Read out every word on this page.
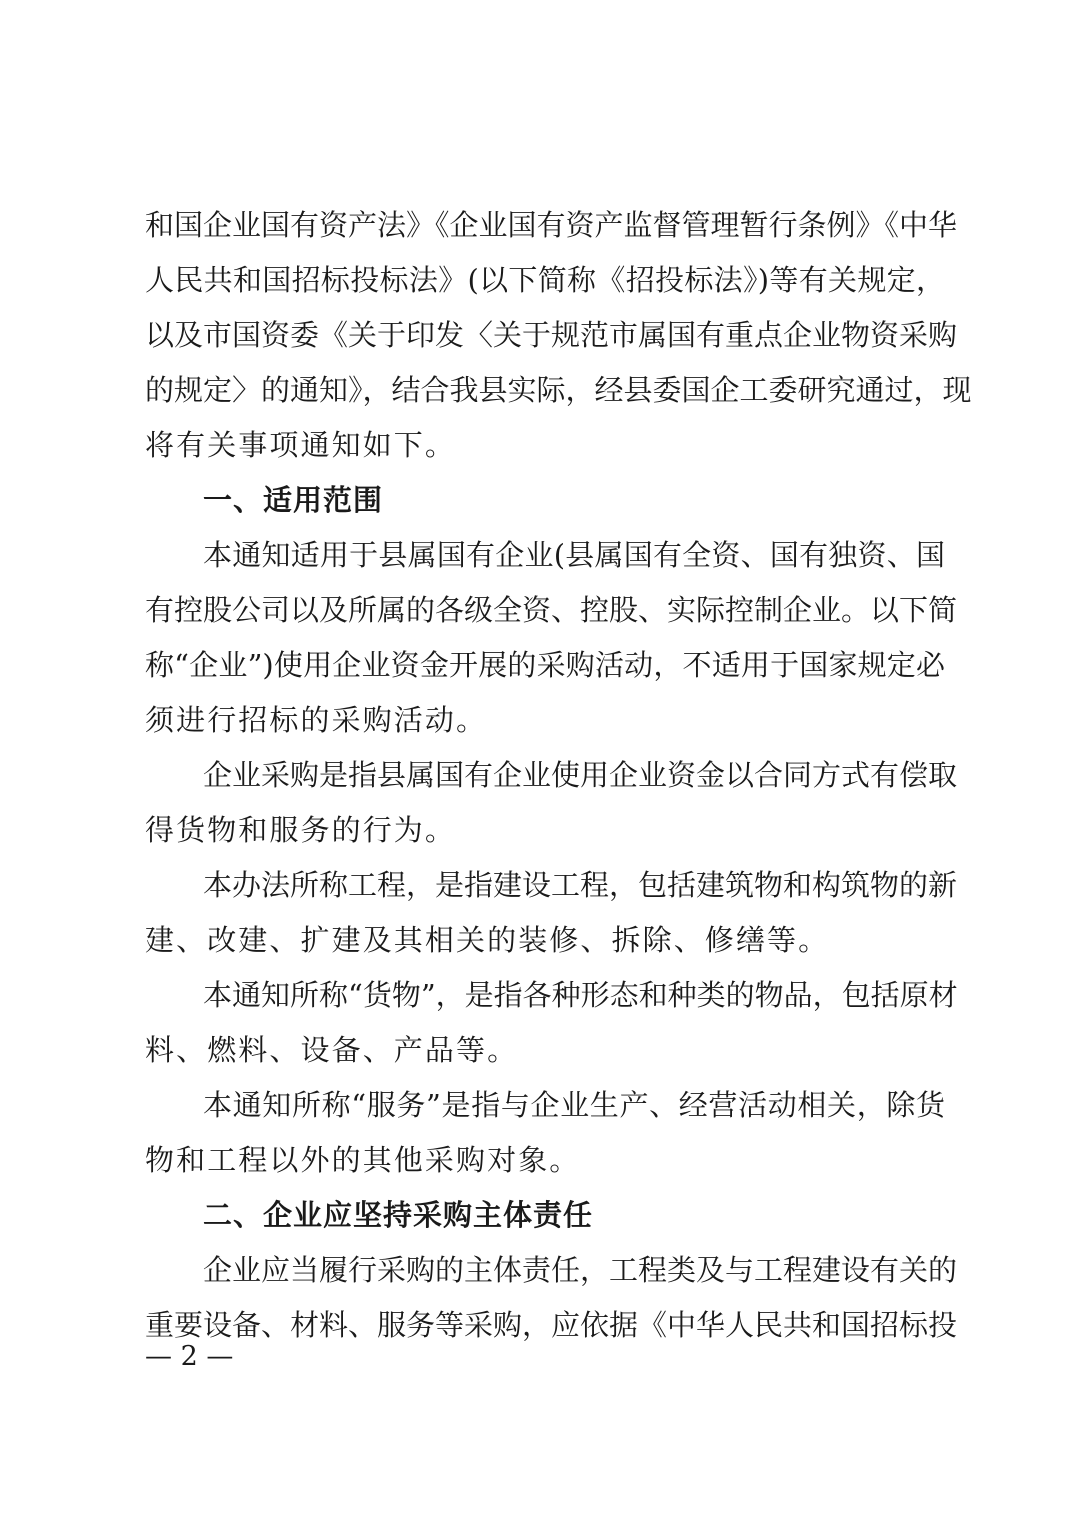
和国企业国有资产法》《企业国有资产监督管理暂行条例》《中华
人民共和国招标投标法》(以下简称《招投标法》)等有关规定，
以及市国资委《关于印发〈关于规范市属国有重点企业物资采购
的规定〉的通知》，结合我县实际，经县委国企工委研究通过，现
将有关事项通知如下。
一、适用范围
本通知适用于县属国有企业(县属国有全资、国有独资、国
有控股公司以及所属的各级全资、控股、实际控制企业。以下简
称“企业”)使用企业资金开展的采购活动，不适用于国家规定必
须进行招标的采购活动。
企业采购是指县属国有企业使用企业资金以合同方式有偿取
得货物和服务的行为。
本办法所称工程，是指建设工程，包括建筑物和构筑物的新
建、改建、扩建及其相关的装修、拆除、修缮等。
本通知所称“货物”，是指各种形态和种类的物品，包括原材
料、燃料、设备、产品等。
本通知所称“服务”是指与企业生产、经营活动相关，除货
物和工程以外的其他采购对象。
二、企业应坚持采购主体责任
企业应当履行采购的主体责任，工程类及与工程建设有关的
重要设备、材料、服务等采购，应依据《中华人民共和国招标投
— 2 —
